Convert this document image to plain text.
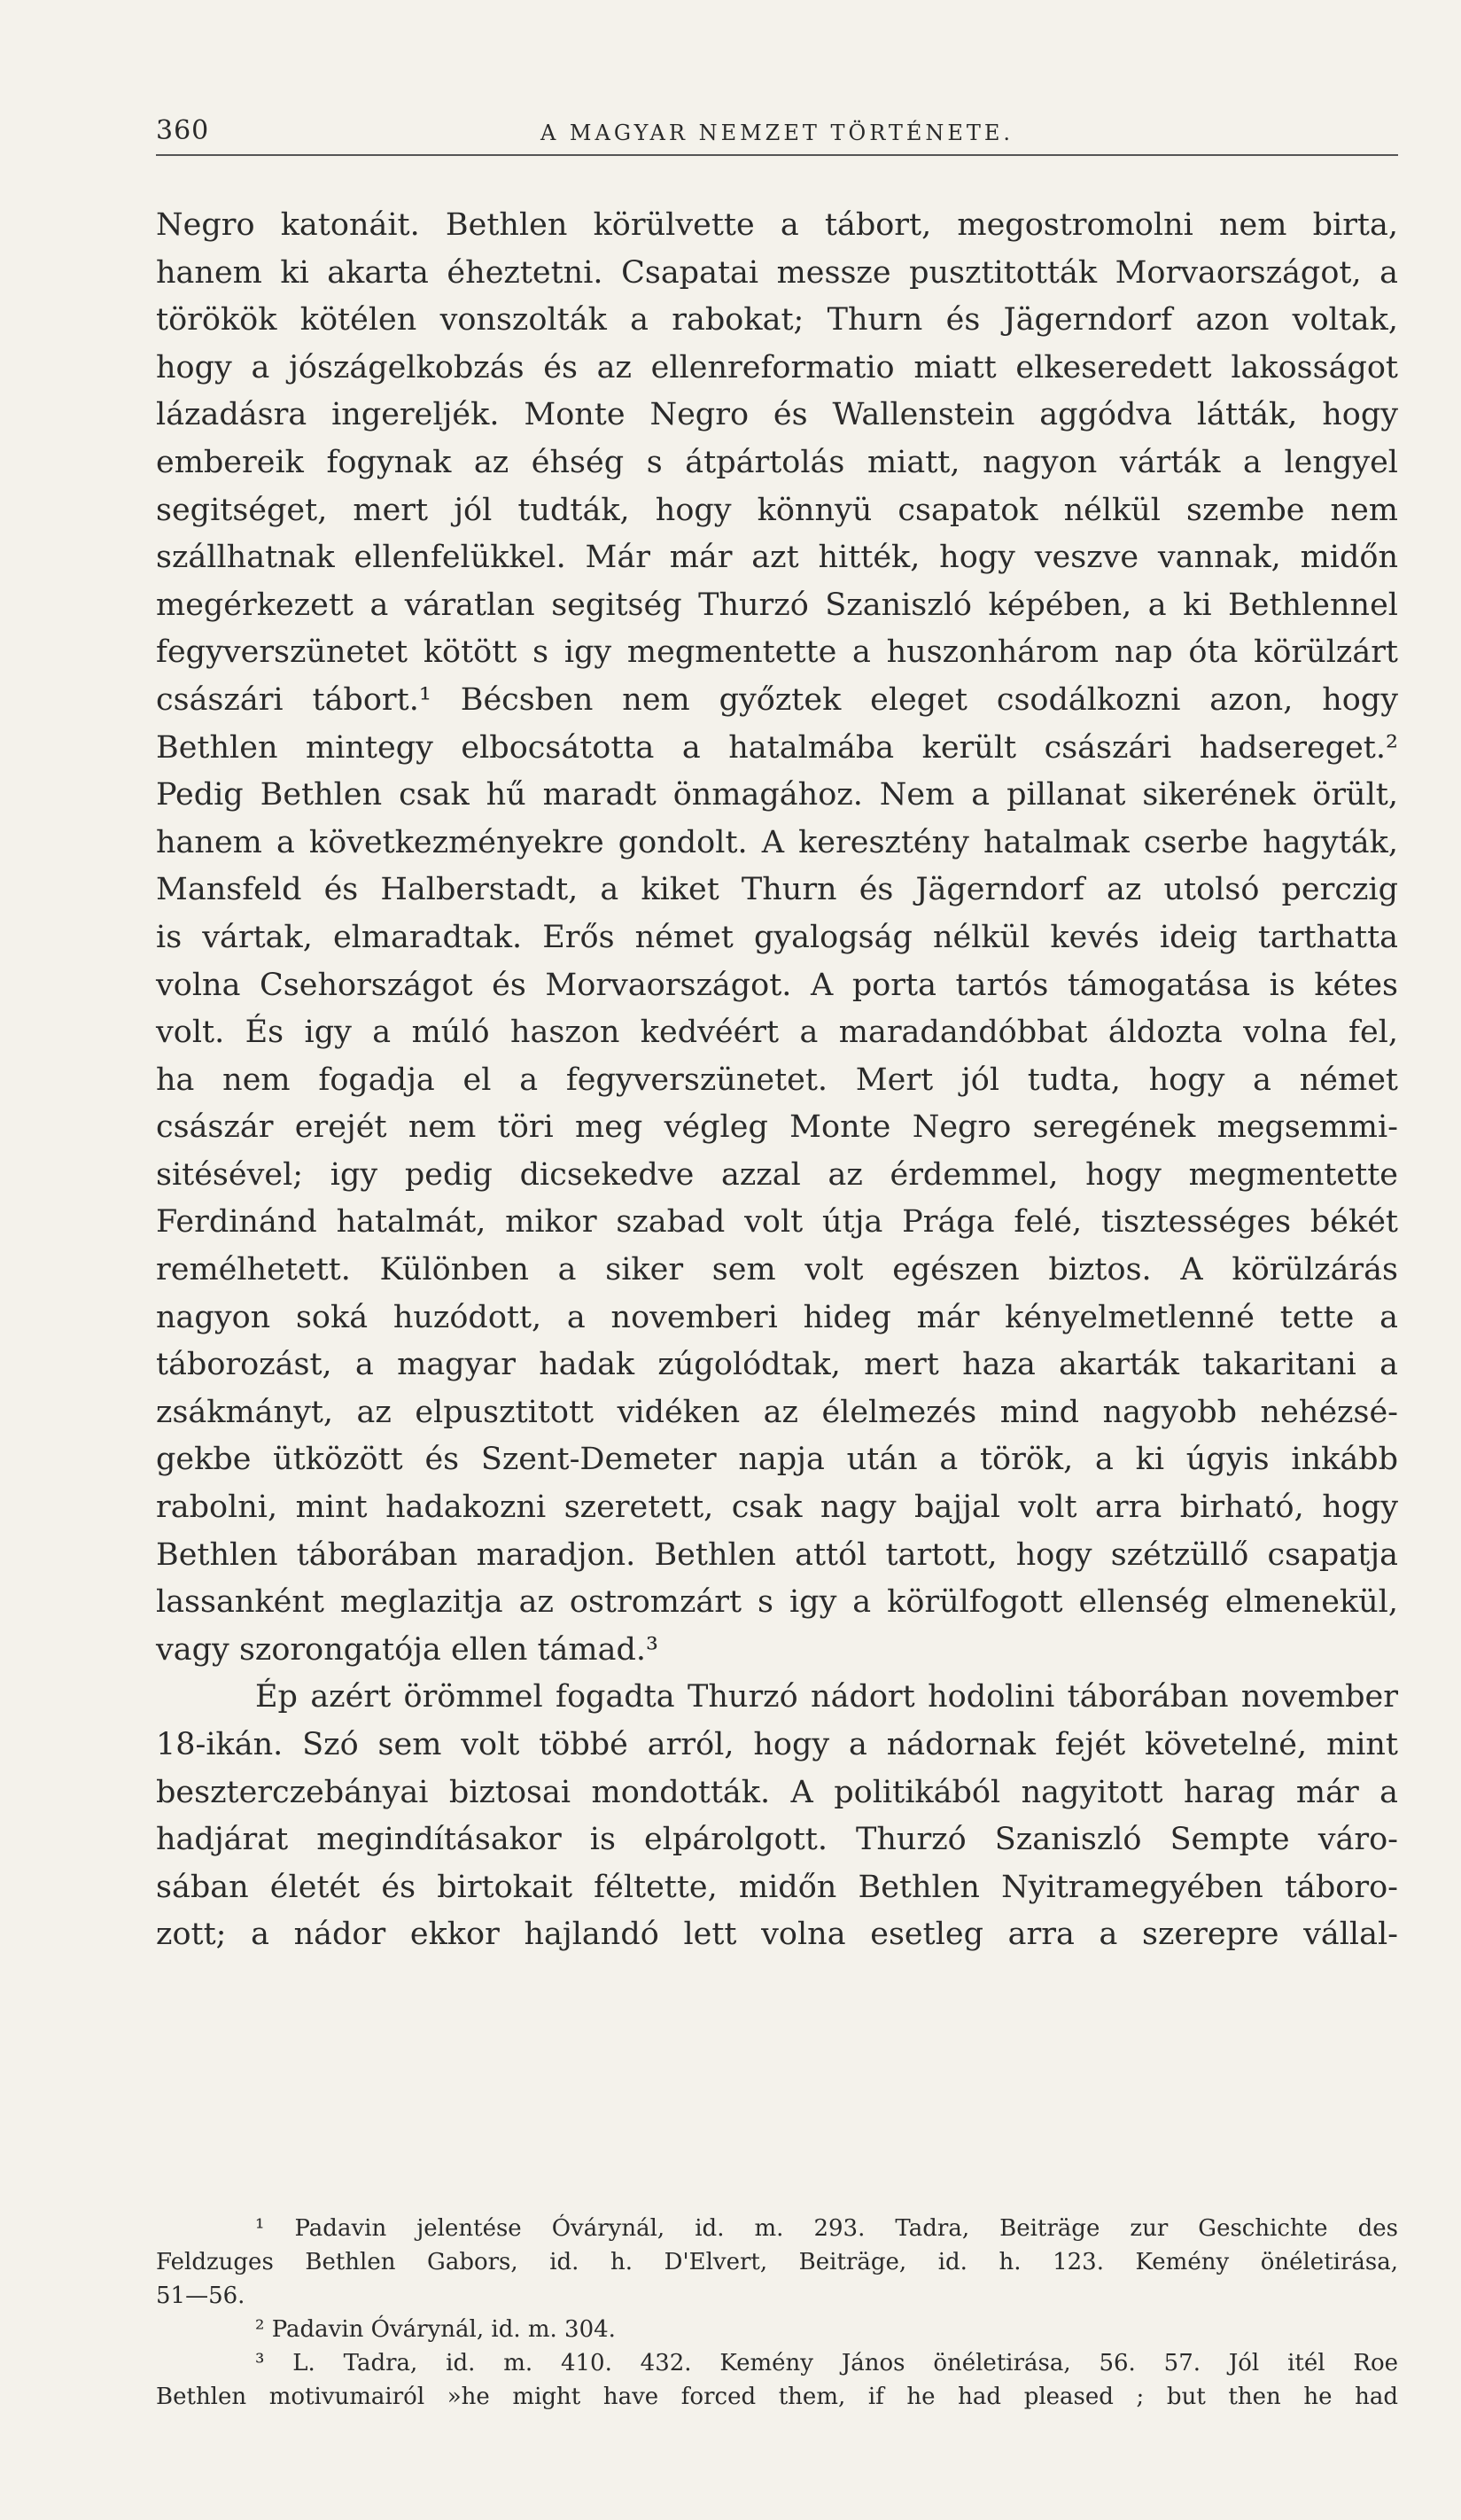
360	A MAGYAR NEMZET TÖRTÉNETE.
Negro katonáit. Bethlen körülvette a tábort, megostromolni nem birta,
hanem ki akarta éheztetni. Csapatai messze pusztitották Morvaországot, a
törökök kötélen vonszolták a rabokat; Thurn és Jägerndorf azon voltak,
hogy a jószágelkobzás és az ellenreformatio miatt elkeseredett lakosságot
lázadásra ingereljék. Monte Negro és Wallenstein aggódva látták, hogy
embereik fogynak az éhség s átpártolás miatt, nagyon várták a lengyel
segitséget, mert jól tudták, hogy könnyü csapatok nélkül szembe nem
szállhatnak ellenfelükkel. Már már azt hitték, hogy veszve vannak, midőn
megérkezett a váratlan segitség Thurzó Szaniszló képében, a ki Bethlennel
fegyverszünetet kötött s igy megmentette a huszonhárom nap óta körülzárt
császári tábort.¹ Bécsben nem győztek eleget csodálkozni azon, hogy
Bethlen mintegy elbocsátotta a hatalmába került császári hadsereget.²
Pedig Bethlen csak hű maradt önmagához. Nem a pillanat sikerének örült,
hanem a következményekre gondolt. A keresztény hatalmak cserbe hagyták,
Mansfeld és Halberstadt, a kiket Thurn és Jägerndorf az utolsó perczig
is vártak, elmaradtak. Erős német gyalogság nélkül kevés ideig tarthatta
volna Csehországot és Morvaországot. A porta tartós támogatása is kétes
volt. És igy a múló haszon kedvéért a maradandóbbat áldozta volna fel,
ha nem fogadja el a fegyverszünetet. Mert jól tudta, hogy a német
császár erejét nem töri meg végleg Monte Negro seregének megsemmi-
sitésével; igy pedig dicsekedve azzal az érdemmel, hogy megmentette
Ferdinánd hatalmát, mikor szabad volt útja Prága felé, tisztességes békét
remélhetett. Különben a siker sem volt egészen biztos. A körülzárás
nagyon soká huzódott, a novemberi hideg már kényelmetlenné tette a
táborozást, a magyar hadak zúgolódtak, mert haza akarták takaritani a
zsákmányt, az elpusztitott vidéken az élelmezés mind nagyobb nehézsé-
gekbe ütközött és Szent-Demeter napja után a török, a ki úgyis inkább
rabolni, mint hadakozni szeretett, csak nagy bajjal volt arra birható, hogy
Bethlen táborában maradjon. Bethlen attól tartott, hogy szétzüllő csapatja
lassanként meglazitja az ostromzárt s igy a körülfogott ellenség elmenekül,
vagy szorongatója ellen támad.³
Ép azért örömmel fogadta Thurzó nádort hodolini táborában november
18-ikán. Szó sem volt többé arról, hogy a nádornak fejét követelné, mint
beszterczebányai biztosai mondották. A politikából nagyitott harag már a
hadjárat megindításakor is elpárolgott. Thurzó Szaniszló Sempte váro-
sában életét és birtokait féltette, midőn Bethlen Nyitramegyében táboro-
zott; a nádor ekkor hajlandó lett volna esetleg arra a szerepre vállal-
¹ Padavin jelentése Óvárynál, id. m. 293. Tadra, Beiträge zur Geschichte des
Feldzuges Bethlen Gabors, id. h. D'Elvert, Beiträge, id. h. 123. Kemény önéletirása,
51—56.
² Padavin Óvárynál, id. m. 304.
³ L. Tadra, id. m. 410. 432. Kemény János önéletirása, 56. 57. Jól itél Roe
Bethlen motivumairól »he might have forced them, if he had pleased ; but then he had
